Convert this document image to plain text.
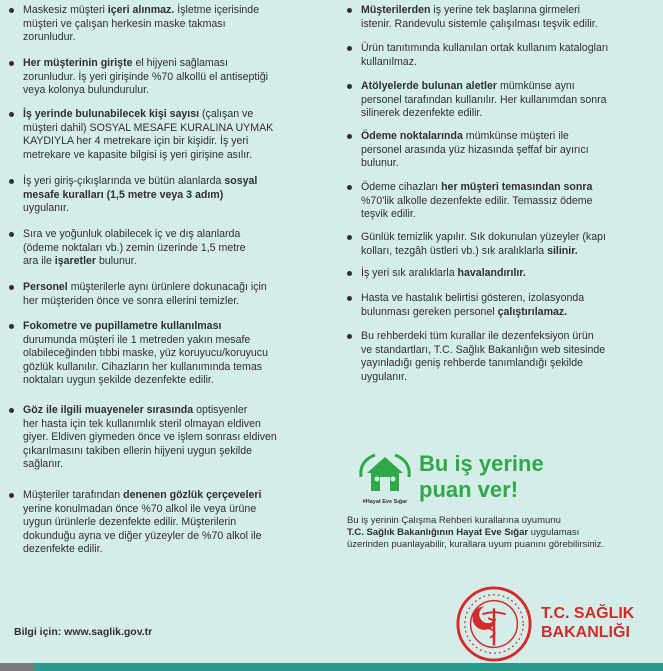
Maskesiz müşteri içeri alınmaz. İşletme içerisinde
müşteri ve çalışan herkesin maske takması
zorunludur.
Her müşterinin girişte el hijyeni sağlaması
zorunludur. İş yeri girişinde %70 alkollü el antiseptiği
veya kolonya bulundurulur.
İş yerinde bulunabilecek kişi sayısı (çalışan ve
müşteri dahil) SOSYAL MESAFE KURALINA UYMAK
KAYDIYLA her 4 metrekare için bir kişidir. İş yeri
metrekare ve kapasite bilgisi iş yeri girişine asılır.
İş yeri giriş-çıkışlarında ve bütün alanlarda sosyal
mesafe kuralları (1,5 metre veya 3 adım)
uygulanır.
Sıra ve yoğunluk olabilecek iç ve dış alanlarda
(ödeme noktaları vb.) zemin üzerinde 1,5 metre
ara ile işaretler bulunur.
Personel müşterilerle aynı ürünlere dokunacağı için
her müşteriden önce ve sonra ellerini temizler.
Fokometre ve pupillametre kullanılması
durumunda müşteri ile 1 metreden yakın mesafe
olabileceğinden tıbbi maske, yüz koruyucu/koruyucu
gözlük kullanılır. Cihazların her kullanımında temas
noktaları uygun şekilde dezenfekte edilir.
Göz ile ilgili muayeneler sırasında optisyenler
her hasta için tek kullanımlık steril olmayan eldiven
giyer. Eldiven giymeden önce ve işlem sonrası eldiven
çıkarılmasını takiben ellerin hijyeni uygun şekilde
sağlanır.
Müşteriler tarafından denenen gözlük çerçeveleri
yerine konulmadan önce %70 alkol ile veya ürüne
uygun ürünlerle dezenfekte edilir. Müşterilerin
dokunduğu ayna ve diğer yüzeyler de %70 alkol ile
dezenfekte edilir.
Müşterilerden iş yerine tek başlarına girmeleri
istenir. Randevulu sistemle çalışılması teşvik edilir.
Ürün tanıtımında kullanılan ortak kullanım katalogları
kullanılmaz.
Atölyelerde bulunan aletler mümkünse aynı
personel tarafından kullanılır. Her kullanımdan sonra
silinerek dezenfekte edilir.
Ödeme noktalarında mümkünse müşteri ile
personel arasında yüz hizasında şeffaf bir ayırıcı
bulunur.
Ödeme cihazları her müşteri temasından sonra
%70'lik alkolle dezenfekte edilir. Temassız ödeme
teşvik edilir.
Günlük temizlik yapılır. Sık dokunulan yüzeyler (kapı
kolları, tezgâh üstleri vb.) sık aralıklarla silinir.
İş yeri sık aralıklarla havalandırılır.
Hasta ve hastalık belirtisi gösteren, izolasyonda
bulunması gereken personel çalıştırılamaz.
Bu rehberdeki tüm kurallar ile dezenfeksiyon ürün
ve standartları, T.C. Sağlık Bakanlığın web sitesinde
yayınladığı geniş rehberde tanımlandığı şekilde
uygulanır.
Bilgi için: www.saglik.gov.tr
#Hayat Eve Sığar
Bu iş yerine
puan ver!
Bu iş yerinin Çalışma Rehberi kurallarına uyumunu
T.C. Sağlık Bakanlığının Hayat Eve Sığar uygulaması
üzerinden puanlayabilir, kurallara uyum puanını görebilirsiniz.
T.C. SAĞLIK
BAKANLIĞI
